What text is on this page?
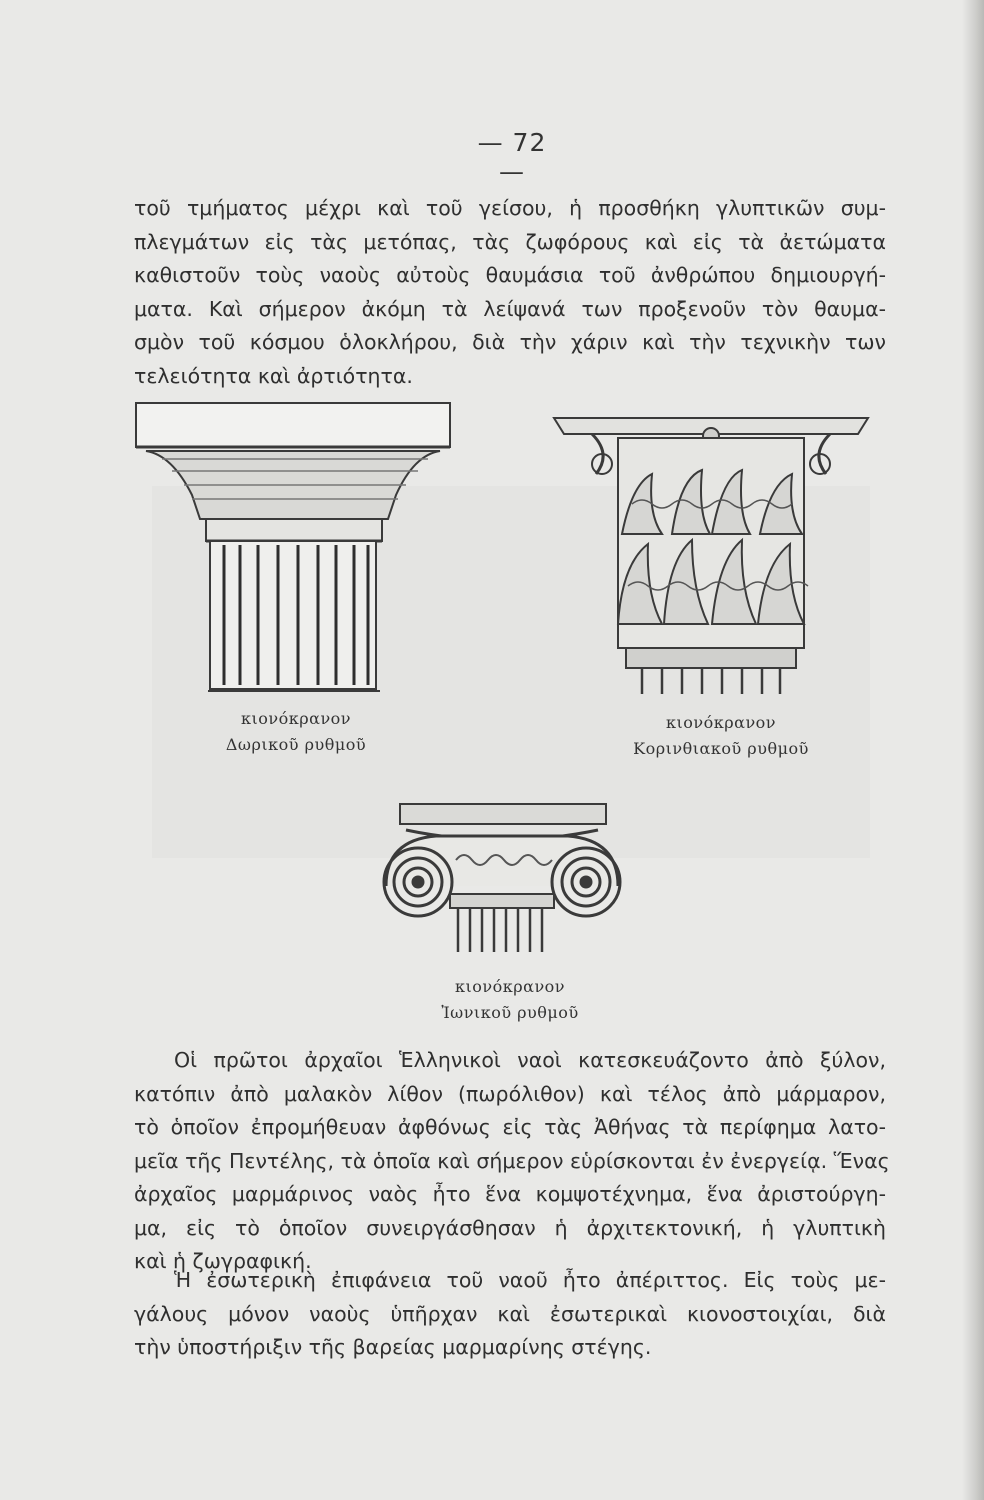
— 72 —

τοῦ τμήματος μέχρι καὶ τοῦ γείσου, ἡ προσθήκη γλυπτικῶν συμ-
πλεγμάτων εἰς τὰς μετόπας, τὰς ζωφόρους καὶ εἰς τὰ ἀετώματα
καθιστοῦν τοὺς ναοὺς αὐτοὺς θαυμάσια τοῦ ἀνθρώπου δημιουργή-
ματα. Καὶ σήμερον ἀκόμη τὰ λείψανά των προξενοῦν τὸν θαυμα-
σμὸν τοῦ κόσμου ὁλοκλήρου, διὰ τὴν χάριν καὶ τὴν τεχνικὴν των
τελειότητα καὶ ἀρτιότητα.

κιονόκρανον
Δωρικοῦ ρυθμοῦ
κιονόκρανον
Κορινθιακοῦ ρυθμοῦ
κιονόκρανον
Ἰωνικοῦ ρυθμοῦ

Οἱ πρῶτοι ἀρχαῖοι Ἑλληνικοὶ ναοὶ κατεσκευάζοντο ἀπὸ ξύλον,
κατόπιν ἀπὸ μαλακὸν λίθον (πωρόλιθον) καὶ τέλος ἀπὸ μάρμαρον,
τὸ ὁποῖον ἐπρομήθευαν ἀφθόνως εἰς τὰς Ἀθήνας τὰ περίφημα λατο-
μεῖα τῆς Πεντέλης, τὰ ὁποῖα καὶ σήμερον εὑρίσκονται ἐν ἐνεργείᾳ. Ἕνας
ἀρχαῖος μαρμάρινος ναὸς ἦτο ἕνα κομψοτέχνημα, ἕνα ἀριστούργη-
μα, εἰς τὸ ὁποῖον συνειργάσθησαν ἡ ἀρχιτεκτονική, ἡ γλυπτικὴ
καὶ ἡ ζωγραφική.

Ἡ ἐσωτερικὴ ἐπιφάνεια τοῦ ναοῦ ἦτο ἀπέριττος. Εἰς τοὺς με-
γάλους μόνον ναοὺς ὑπῆρχαν καὶ ἐσωτερικαὶ κιονοστοιχίαι, διὰ
τὴν ὑποστήριξιν τῆς βαρείας μαρμαρίνης στέγης.
